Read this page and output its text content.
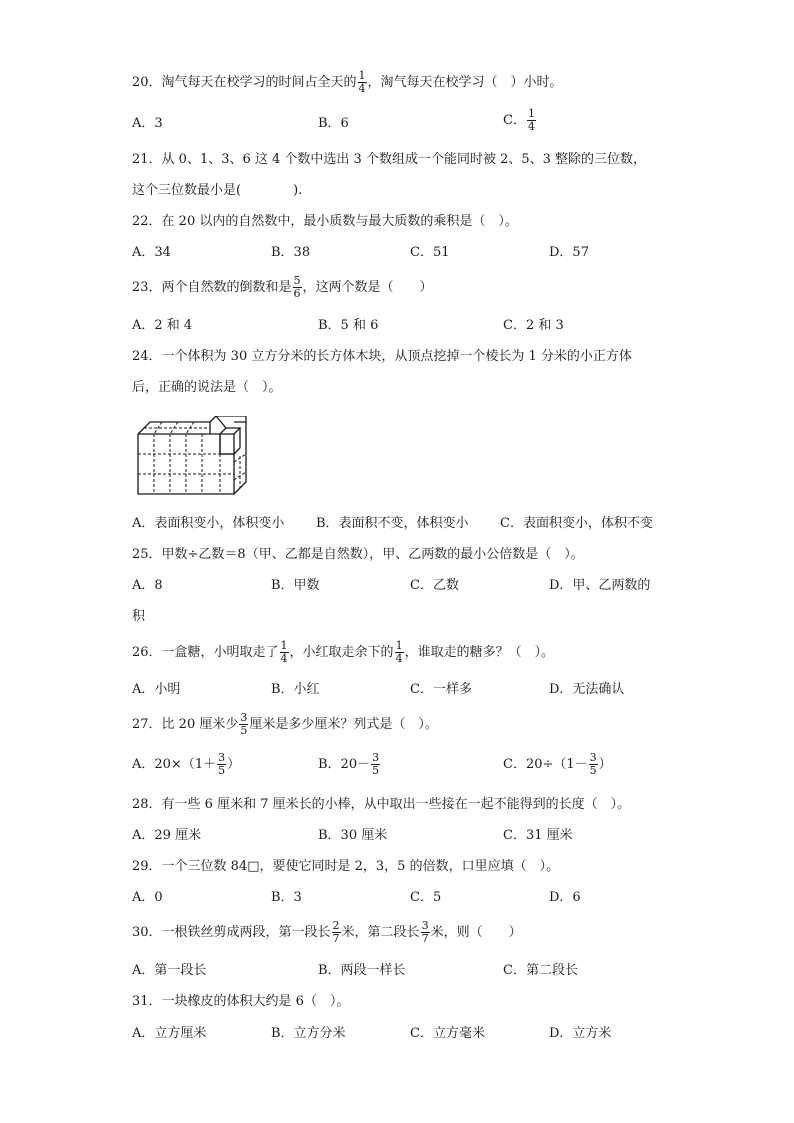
20．淘气每天在校学习的时间占全天的 $\frac{1}{4}$ ，淘气每天在校学习（　）小时。
A．3	B．6	C． $\frac{1}{4}$
21．从 0、1、3、6 这 4 个数中选出 3 个数组成一个能同时被 2、5、3 整除的三位数，
这个三位数最小是(　　　　).
22．在 20 以内的自然数中，最小质数与最大质数的乘积是（　）。
A．34	B．38	C．51	D．57
23．两个自然数的倒数和是 $\frac{5}{6}$ ，这两个数是（　　）
A．2 和 4	B．5 和 6	C．2 和 3
24．一个体积为 30 立方分米的长方体木块，从顶点挖掉一个棱长为 1 分米的小正方体
后，正确的说法是（　）。
A．表面积变小，体积变小 B．表面积不变，体积变小 C．表面积变小，体积不变
25．甲数÷乙数＝8（甲、乙都是自然数），甲、乙两数的最小公倍数是（　）。
A．8	B．甲数	C．乙数	D．甲、乙两数的
积
26．一盒糖，小明取走了 $\frac{1}{4}$ ，小红取走余下的 $\frac{1}{4}$ ，谁取走的糖多？（　）。
A．小明	B．小红	C．一样多	D．无法确认
27．比 20 厘米少 $\frac{3}{5}$ 厘米是多少厘米？列式是（　）。
A．$20\times(1+ \frac{3}{5}$ ）	B．$20- \frac{3}{5}$	C．$20\div(1- \frac{3}{5}$ ）
28．有一些 6 厘米和 7 厘米长的小棒，从中取出一些接在一起不能得到的长度（　）。
A．29 厘米	B．30 厘米	C．31 厘米
29．一个三位数 84□，要使它同时是 2，3，5 的倍数，口里应填（　）。
A．0	B．3	C．5	D．6
30．一根铁丝剪成两段，第一段长 $\frac{2}{7}$ 米，第二段长 $\frac{3}{7}$ 米，则（　　）
A．第一段长	B．两段一样长	C．第二段长
31．一块橡皮的体积大约是 6（　）。
A．立方厘米	B．立方分米	C．立方毫米	D．立方米
